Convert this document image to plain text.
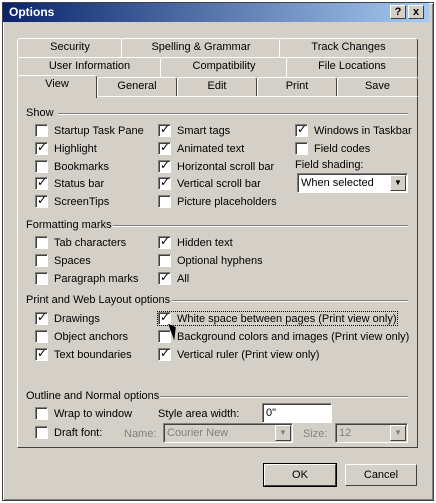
Options	?	x
Security	Spelling & Grammar	Track Changes
User Information	Compatibility	File Locations
View	General	Edit	Print	Save
Show
Startup Task Pane
✓ Highlight
Bookmarks
✓ Status bar
✓ ScreenTips
✓ Smart tags
✓ Animated text
✓ Horizontal scroll bar
✓ Vertical scroll bar
Picture placeholders
✓ Windows in Taskbar
Field codes
Field shading:
When selected	▼
Formatting marks
Tab characters
Spaces
Paragraph marks
✓ Hidden text
Optional hyphens
✓ All
Print and Web Layout options
✓ Drawings
Object anchors
✓ Text boundaries
✓ White space between pages (Print view only)
Background colors and images (Print view only)
✓ Vertical ruler (Print view only)
Outline and Normal options
Wrap to window
Draft font:
Style area width: 0"
Name: Courier New	▼	Size: 12	▼
OK	Cancel
